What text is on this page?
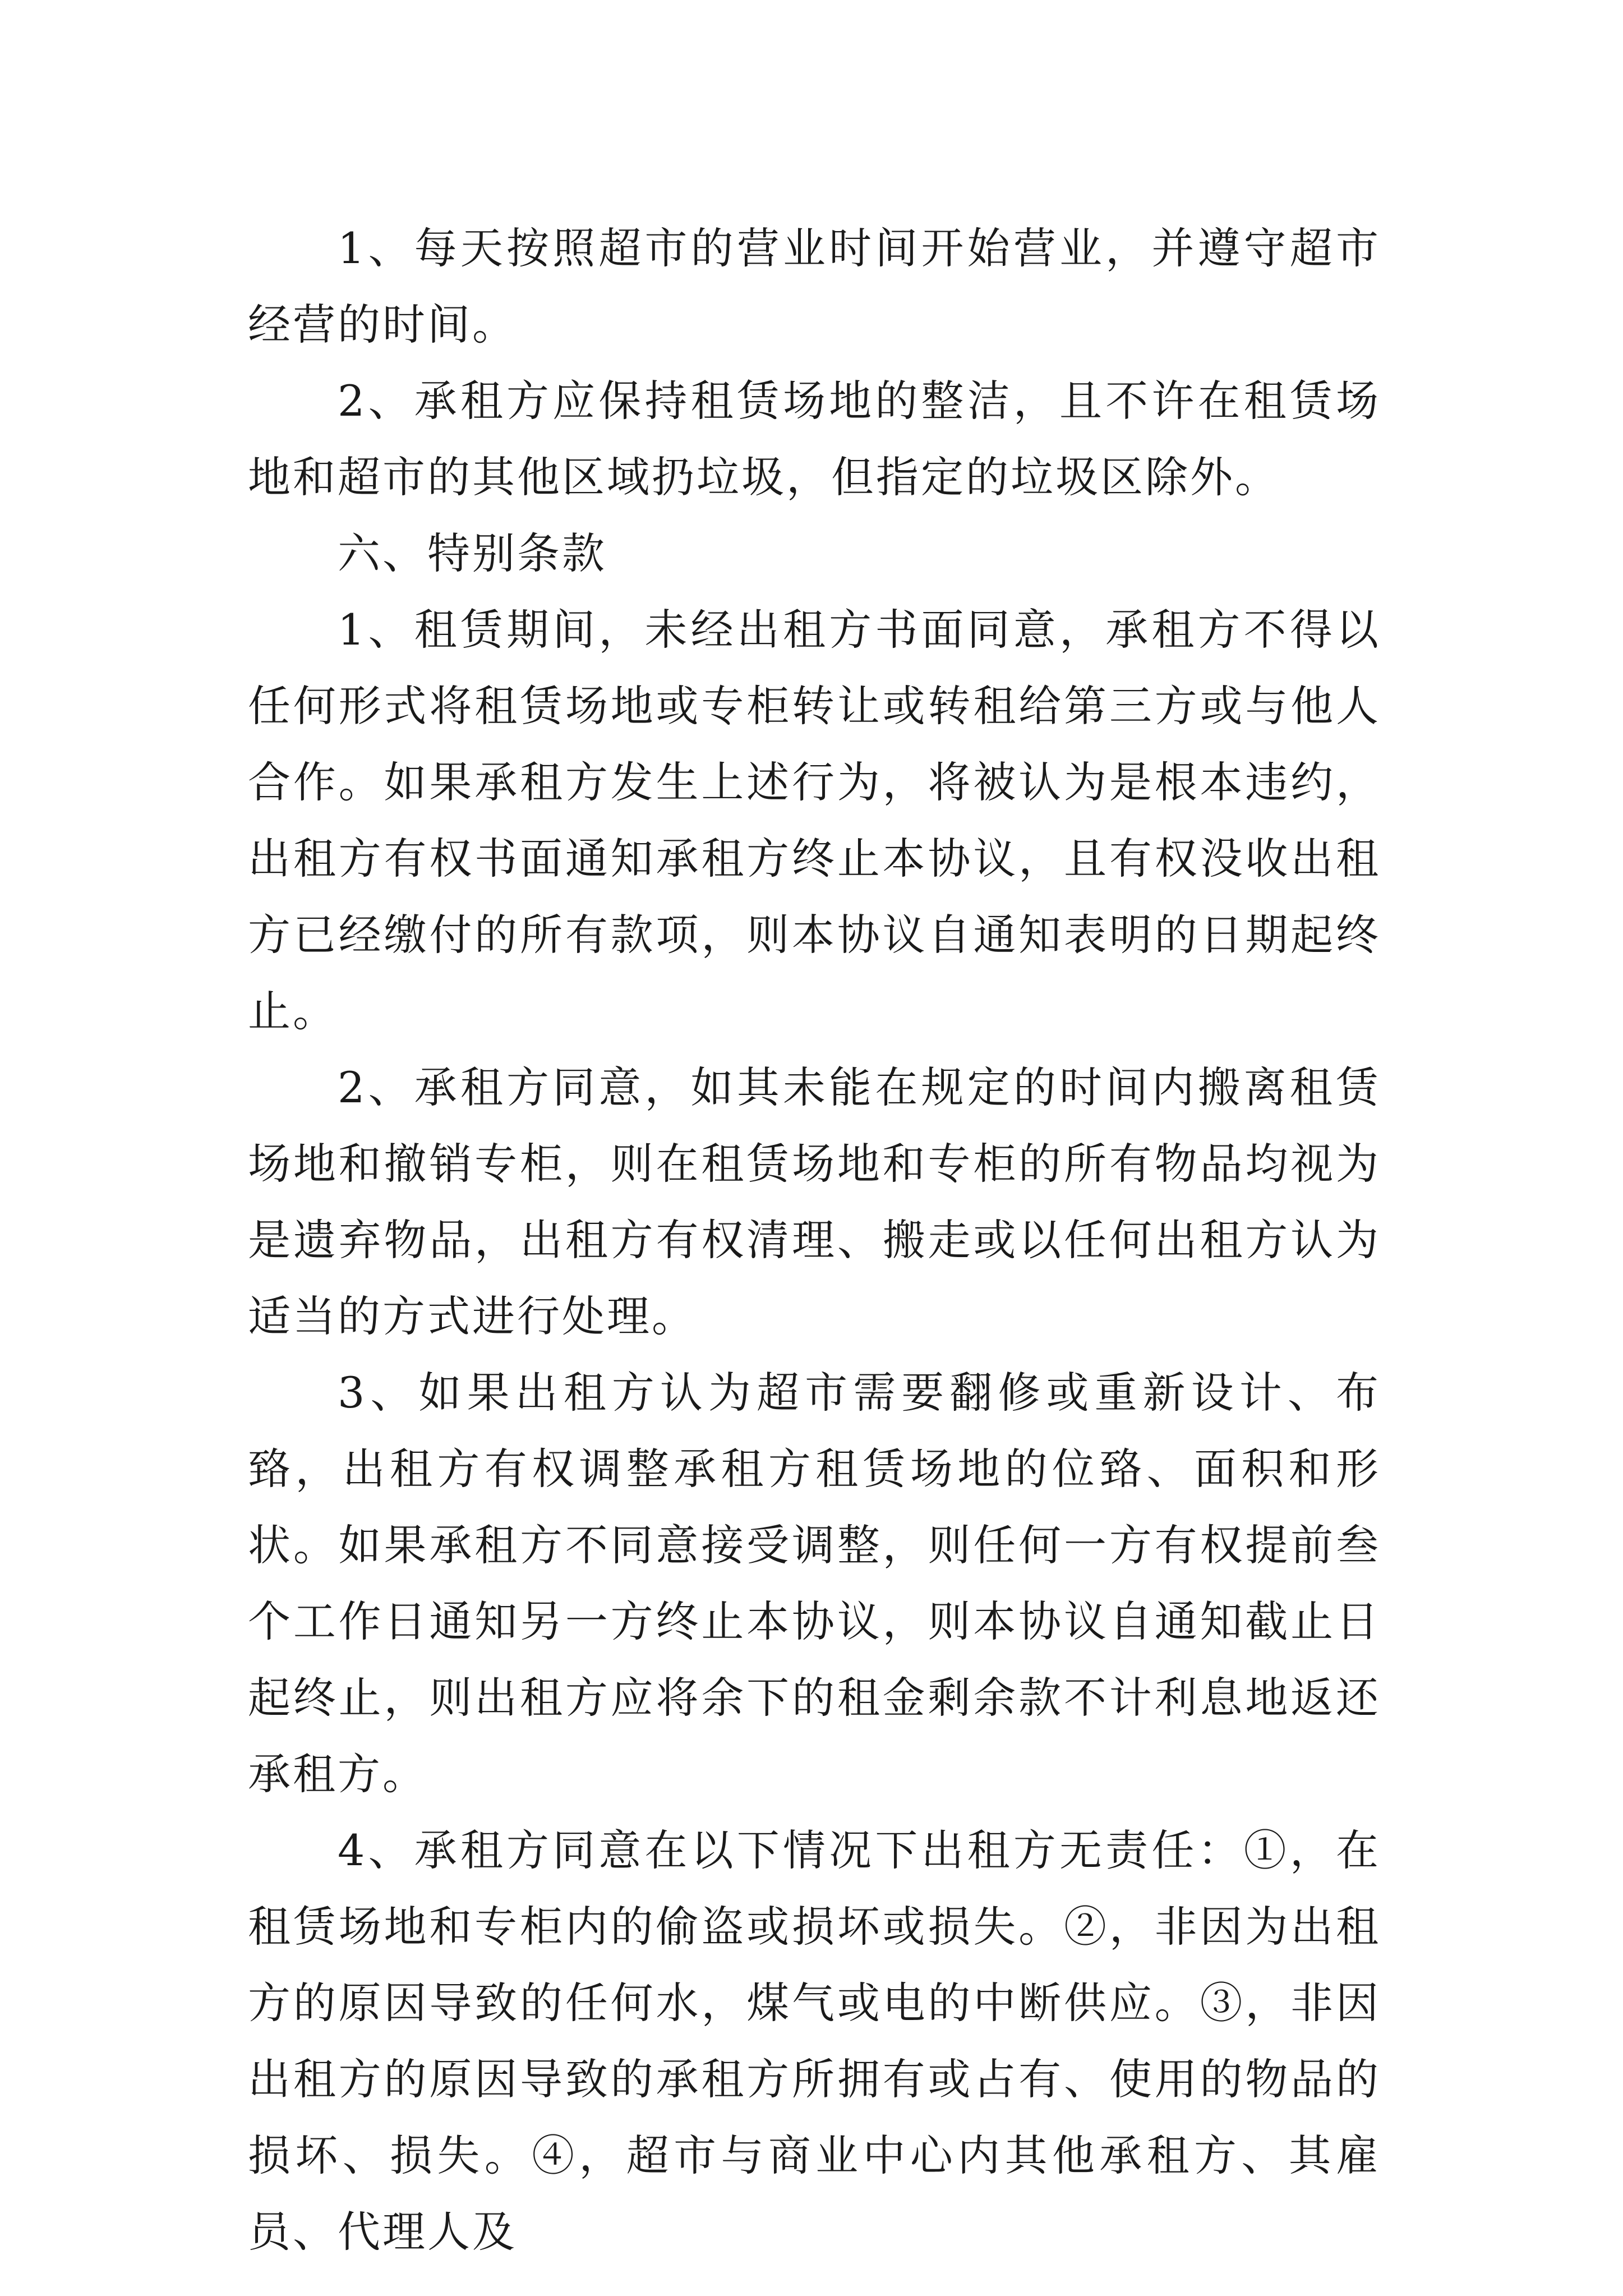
1、每天按照超市的营业时间开始营业，并遵守超市经营的时间。

2、承租方应保持租赁场地的整洁，且不许在租赁场地和超市的其他区域扔垃圾，但指定的垃圾区除外。

六、特别条款

1、租赁期间，未经出租方书面同意，承租方不得以任何形式将租赁场地或专柜转让或转租给第三方或与他人合作。如果承租方发生上述行为，将被认为是根本违约，出租方有权书面通知承租方终止本协议，且有权没收出租方已经缴付的所有款项，则本协议自通知表明的日期起终止。

2、承租方同意，如其未能在规定的时间内搬离租赁场地和撤销专柜，则在租赁场地和专柜的所有物品均视为是遗弃物品，出租方有权清理、搬走或以任何出租方认为适当的方式进行处理。

3、如果出租方认为超市需要翻修或重新设计、布臵，出租方有权调整承租方租赁场地的位臵、面积和形状。如果承租方不同意接受调整，则任何一方有权提前叁个工作日通知另一方终止本协议，则本协议自通知截止日起终止，则出租方应将余下的租金剩余款不计利息地返还承租方。

4、承租方同意在以下情况下出租方无责任：①，在租赁场地和专柜内的偷盗或损坏或损失。②，非因为出租方的原因导致的任何水，煤气或电的中断供应。③，非因出租方的原因导致的承租方所拥有或占有、使用的物品的损坏、损失。④，超市与商业中心内其他承租方、其雇员、代理人及
